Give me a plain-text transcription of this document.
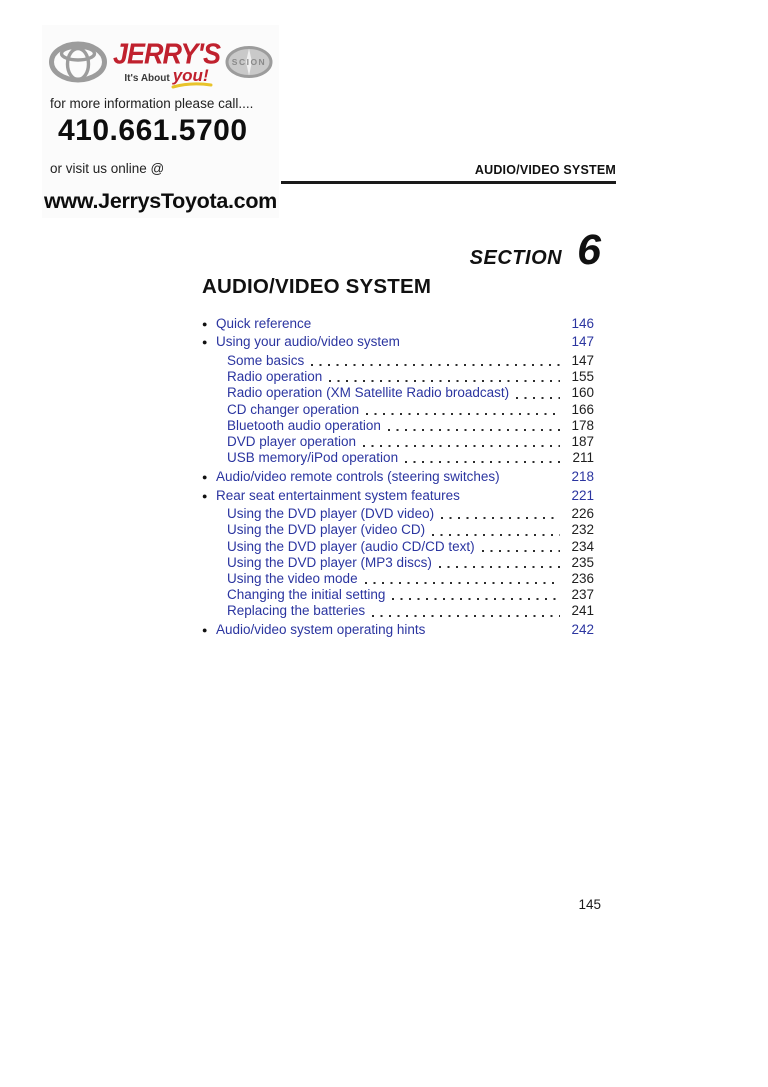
JERRY'S
It's About you!
SCION
for more information please call....
410.661.5700
or visit us online @
www.JerrysToyota.com
AUDIO/VIDEO SYSTEM
SECTION 6
AUDIO/VIDEO SYSTEM
● Quick reference	146
● Using your audio/video system	147
Some basics	147
Radio operation	155
Radio operation (XM Satellite Radio broadcast)	160
CD changer operation	166
Bluetooth audio operation	178
DVD player operation	187
USB memory/iPod operation	211
● Audio/video remote controls (steering switches)	218
● Rear seat entertainment system features	221
Using the DVD player (DVD video)	226
Using the DVD player (video CD)	232
Using the DVD player (audio CD/CD text)	234
Using the DVD player (MP3 discs)	235
Using the video mode	236
Changing the initial setting	237
Replacing the batteries	241
● Audio/video system operating hints	242
145
